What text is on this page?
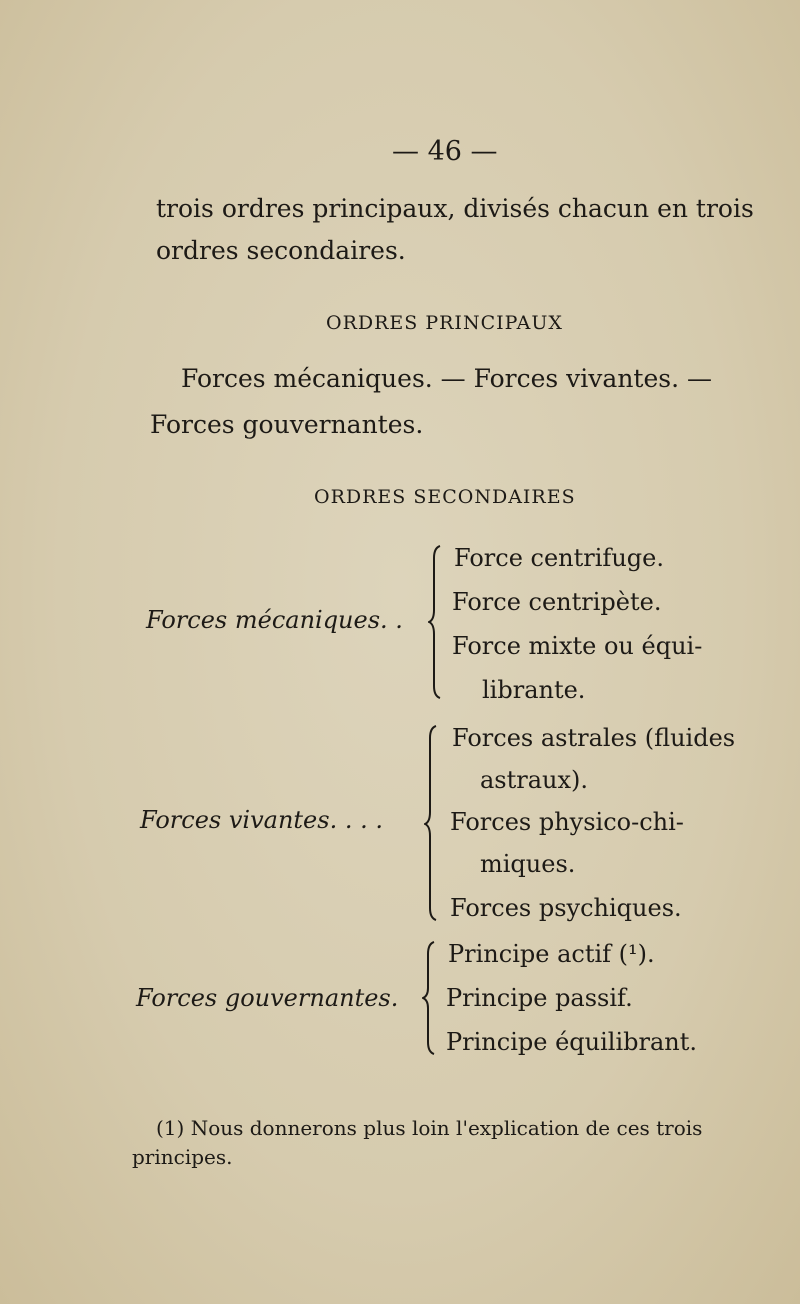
— 46 —
trois ordres principaux, divisés chacun en trois
ordres secondaires.
ORDRES PRINCIPAUX
Forces mécaniques. — Forces vivantes. —
Forces gouvernantes.
ORDRES SECONDAIRES
Forces mécaniques. .
Force centrifuge.
Force centripète.
Force mixte ou équi-
librante.
Forces vivantes. . . .
Forces astrales (fluides
astraux).
Forces physico-chi-
miques.
Forces psychiques.
Forces gouvernantes.
Principe actif (¹).
Principe passif.
Principe équilibrant.
(1) Nous donnerons plus loin l'explication de ces trois
principes.
